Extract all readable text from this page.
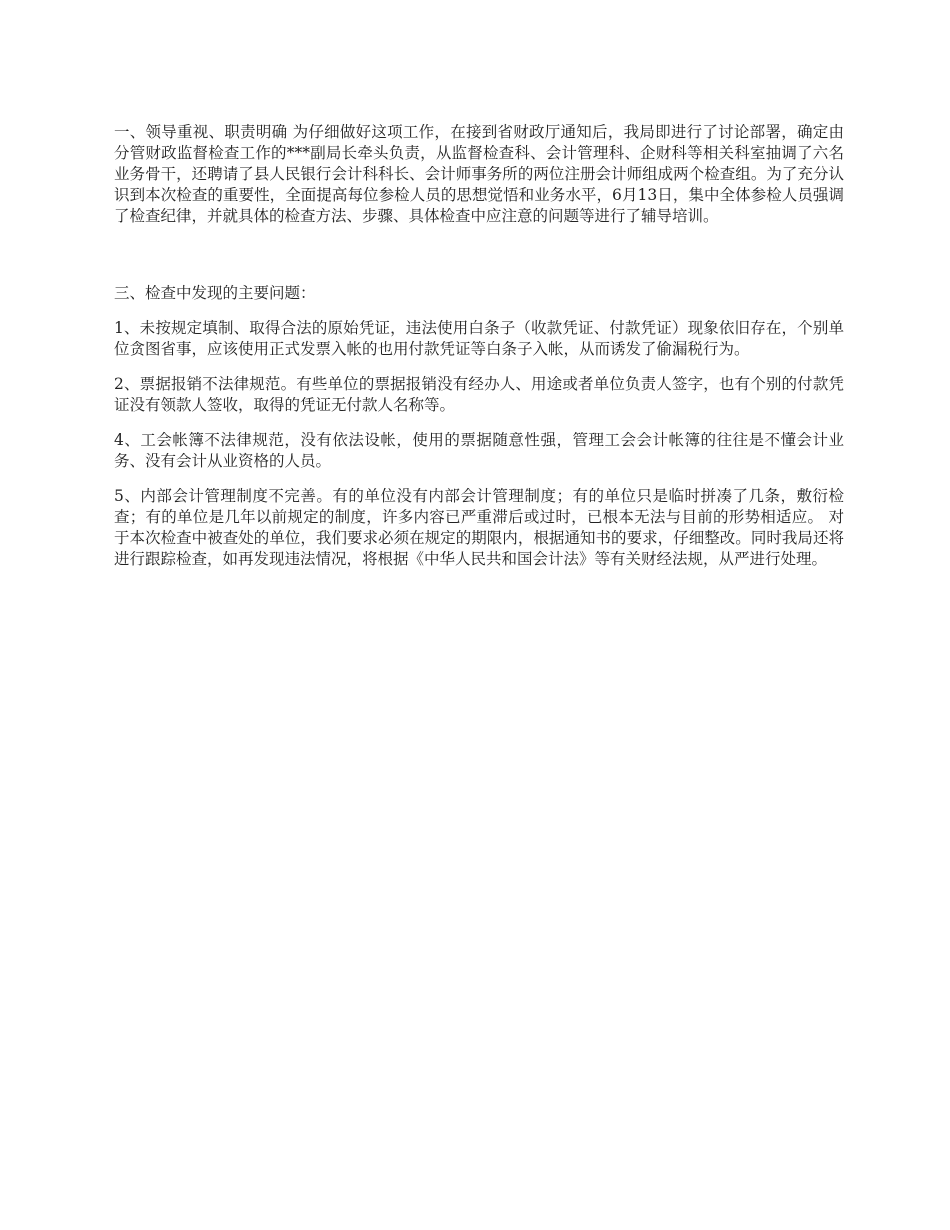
一、领导重视、职责明确 为仔细做好这项工作，在接到省财政厅通知后，我局即进行了讨论部署，确定由分管财政监督检查工作的***副局长牵头负责，从监督检查科、会计管理科、企财科等相关科室抽调了六名业务骨干，还聘请了县人民银行会计科科长、会计师事务所的两位注册会计师组成两个检查组。为了充分认识到本次检查的重要性，全面提高每位参检人员的思想觉悟和业务水平，6月13日，集中全体参检人员强调了检查纪律，并就具体的检查方法、步骤、具体检查中应注意的问题等进行了辅导培训。

三、检查中发现的主要问题：

1、未按规定填制、取得合法的原始凭证，违法使用白条子（收款凭证、付款凭证）现象依旧存在，个别单位贪图省事，应该使用正式发票入帐的也用付款凭证等白条子入帐，从而诱发了偷漏税行为。

2、票据报销不法律规范。有些单位的票据报销没有经办人、用途或者单位负责人签字，也有个别的付款凭证没有领款人签收，取得的凭证无付款人名称等。

4、工会帐簿不法律规范，没有依法设帐，使用的票据随意性强，管理工会会计帐簿的往往是不懂会计业务、没有会计从业资格的人员。

5、内部会计管理制度不完善。有的单位没有内部会计管理制度；有的单位只是临时拼凑了几条，敷衍检查；有的单位是几年以前规定的制度，许多内容已严重滞后或过时，已根本无法与目前的形势相适应。 对于本次检查中被查处的单位，我们要求必须在规定的期限内，根据通知书的要求，仔细整改。同时我局还将进行跟踪检查，如再发现违法情况，将根据《中华人民共和国会计法》等有关财经法规，从严进行处理。
